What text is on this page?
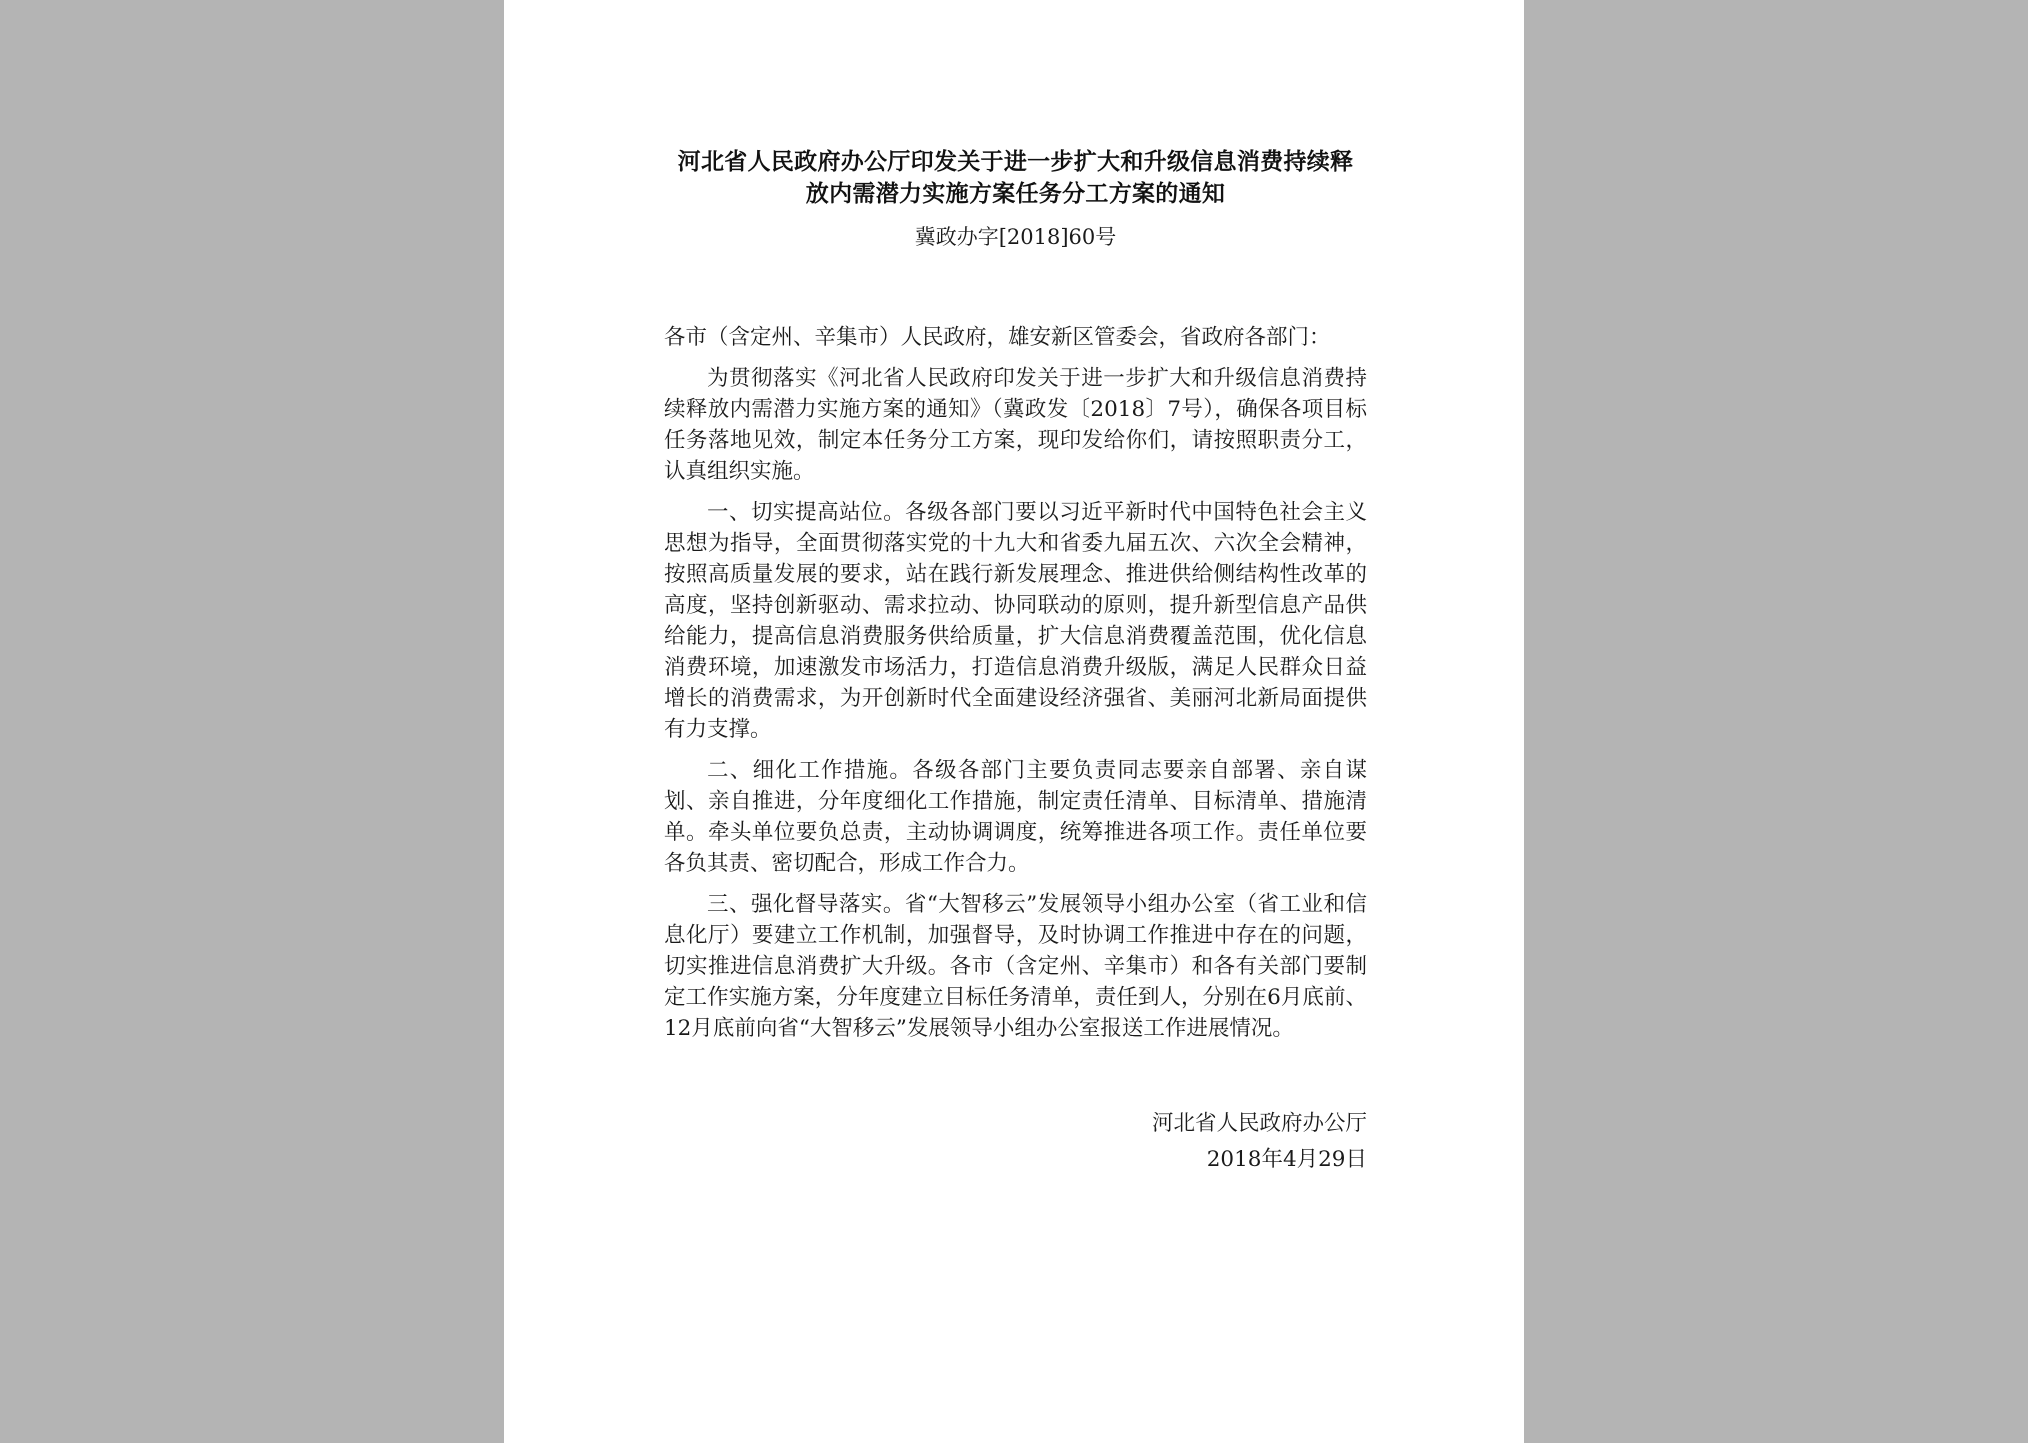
河北省人民政府办公厅印发关于进一步扩大和升级信息消费持续释
放内需潜力实施方案任务分工方案的通知

冀政办字[2018]60号

各市（含定州、辛集市）人民政府，雄安新区管委会，省政府各部门：

为贯彻落实《河北省人民政府印发关于进一步扩大和升级信息消费持续释放内需潜力实施方案的通知》（冀政发〔2018〕7号），确保各项目标任务落地见效，制定本任务分工方案，现印发给你们，请按照职责分工，认真组织实施。

一、切实提高站位。各级各部门要以习近平新时代中国特色社会主义思想为指导，全面贯彻落实党的十九大和省委九届五次、六次全会精神，按照高质量发展的要求，站在践行新发展理念、推进供给侧结构性改革的高度，坚持创新驱动、需求拉动、协同联动的原则，提升新型信息产品供给能力，提高信息消费服务供给质量，扩大信息消费覆盖范围，优化信息消费环境，加速激发市场活力，打造信息消费升级版，满足人民群众日益增长的消费需求，为开创新时代全面建设经济强省、美丽河北新局面提供有力支撑。

二、细化工作措施。各级各部门主要负责同志要亲自部署、亲自谋划、亲自推进，分年度细化工作措施，制定责任清单、目标清单、措施清单。牵头单位要负总责，主动协调调度，统筹推进各项工作。责任单位要各负其责、密切配合，形成工作合力。

三、强化督导落实。省“大智移云”发展领导小组办公室（省工业和信息化厅）要建立工作机制，加强督导，及时协调工作推进中存在的问题，切实推进信息消费扩大升级。各市（含定州、辛集市）和各有关部门要制定工作实施方案，分年度建立目标任务清单，责任到人，分别在6月底前、12月底前向省“大智移云”发展领导小组办公室报送工作进展情况。

河北省人民政府办公厅
2018年4月29日
